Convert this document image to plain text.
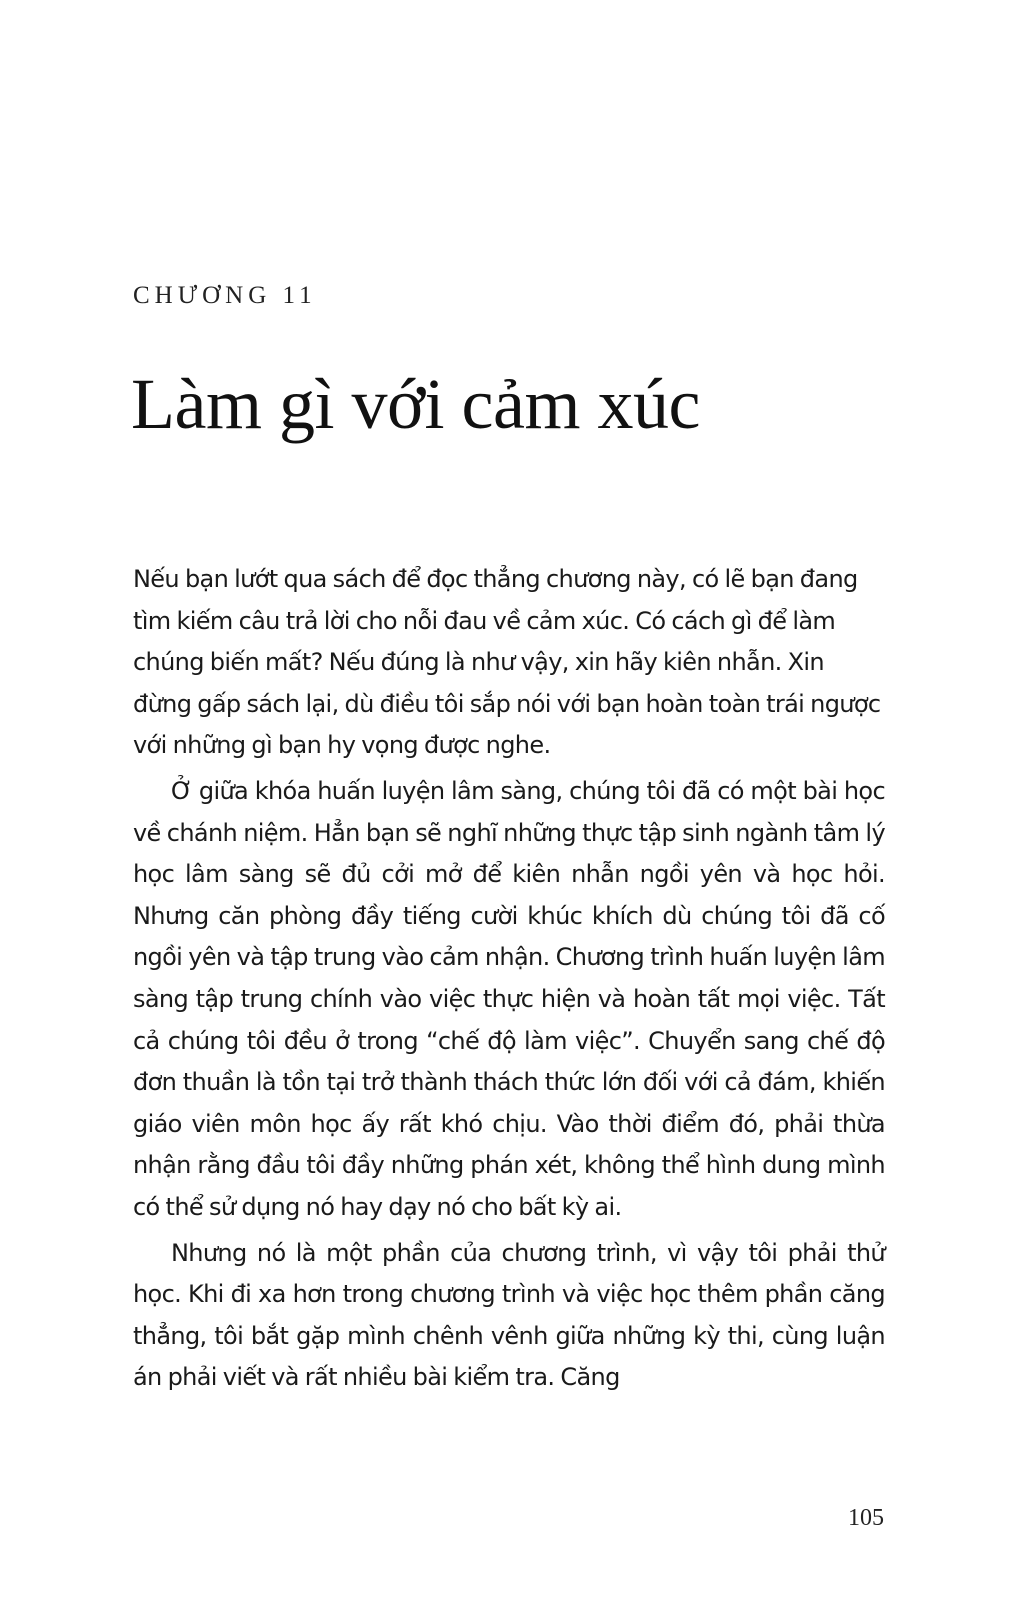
CHƯƠNG 11
Làm gì với cảm xúc

Nếu bạn lướt qua sách để đọc thẳng chương này, có lẽ bạn đang tìm kiếm câu trả lời cho nỗi đau về cảm xúc. Có cách gì để làm chúng biến mất? Nếu đúng là như vậy, xin hãy kiên nhẫn. Xin đừng gấp sách lại, dù điều tôi sắp nói với bạn hoàn toàn trái ngược với những gì bạn hy vọng được nghe.

Ở giữa khóa huấn luyện lâm sàng, chúng tôi đã có một bài học về chánh niệm. Hẳn bạn sẽ nghĩ những thực tập sinh ngành tâm lý học lâm sàng sẽ đủ cởi mở để kiên nhẫn ngồi yên và học hỏi. Nhưng căn phòng đầy tiếng cười khúc khích dù chúng tôi đã cố ngồi yên và tập trung vào cảm nhận. Chương trình huấn luyện lâm sàng tập trung chính vào việc thực hiện và hoàn tất mọi việc. Tất cả chúng tôi đều ở trong “chế độ làm việc”. Chuyển sang chế độ đơn thuần là tồn tại trở thành thách thức lớn đối với cả đám, khiến giáo viên môn học ấy rất khó chịu. Vào thời điểm đó, phải thừa nhận rằng đầu tôi đầy những phán xét, không thể hình dung mình có thể sử dụng nó hay dạy nó cho bất kỳ ai.

Nhưng nó là một phần của chương trình, vì vậy tôi phải thử học. Khi đi xa hơn trong chương trình và việc học thêm phần căng thẳng, tôi bắt gặp mình chênh vênh giữa những kỳ thi, cùng luận án phải viết và rất nhiều bài kiểm tra. Căng

105
